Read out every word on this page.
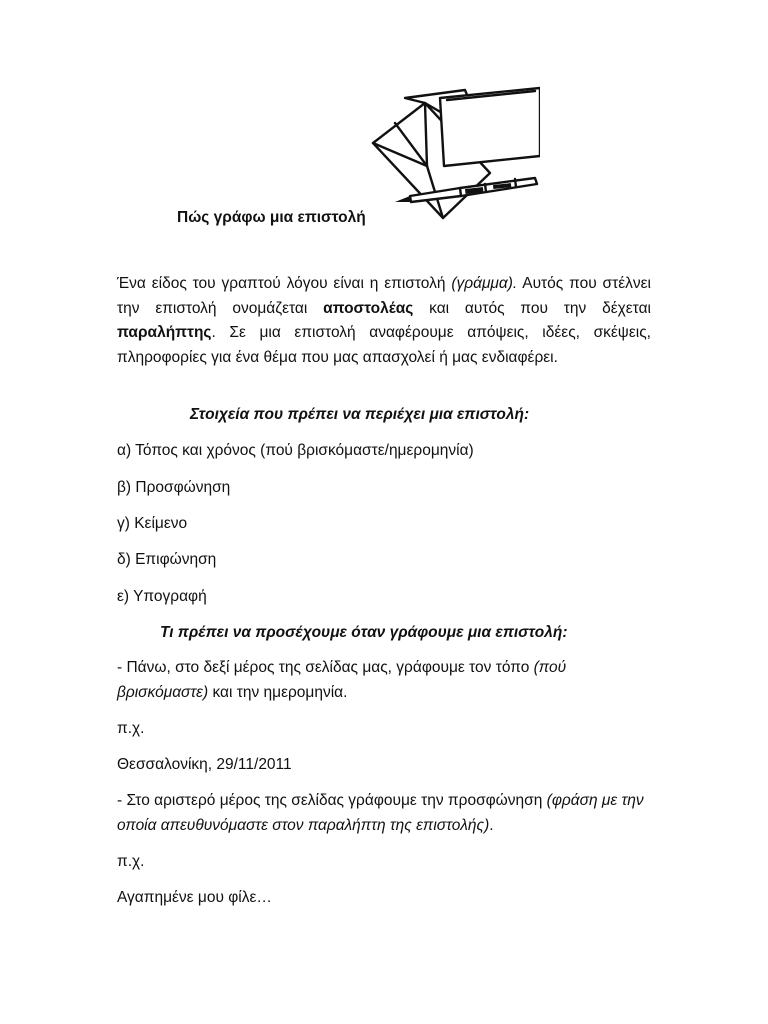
Πώς γράφω μια επιστολή

Ένα είδος του γραπτού λόγου είναι η επιστολή (γράμμα). Αυτός που στέλνει την επιστολή ονομάζεται αποστολέας και αυτός που την δέχεται παραλήπτης. Σε μια επιστολή αναφέρουμε απόψεις, ιδέες, σκέψεις, πληροφορίες για ένα θέμα που μας απασχολεί ή μας ενδιαφέρει.

Στοιχεία που πρέπει να περιέχει μια επιστολή:

α) Τόπος και χρόνος (πού βρισκόμαστε/ημερομηνία)

β) Προσφώνηση

γ) Κείμενο

δ) Επιφώνηση

ε) Υπογραφή

Τι πρέπει να προσέχουμε όταν γράφουμε μια επιστολή:

- Πάνω, στο δεξί μέρος της σελίδας μας, γράφουμε τον τόπο (πού βρισκόμαστε) και την ημερομηνία.

π.χ.

Θεσσαλονίκη, 29/11/2011

- Στο αριστερό μέρος της σελίδας γράφουμε την προσφώνηση (φράση με την οποία απευθυνόμαστε στον παραλήπτη της επιστολής).

π.χ.

Αγαπημένε μου φίλε…
